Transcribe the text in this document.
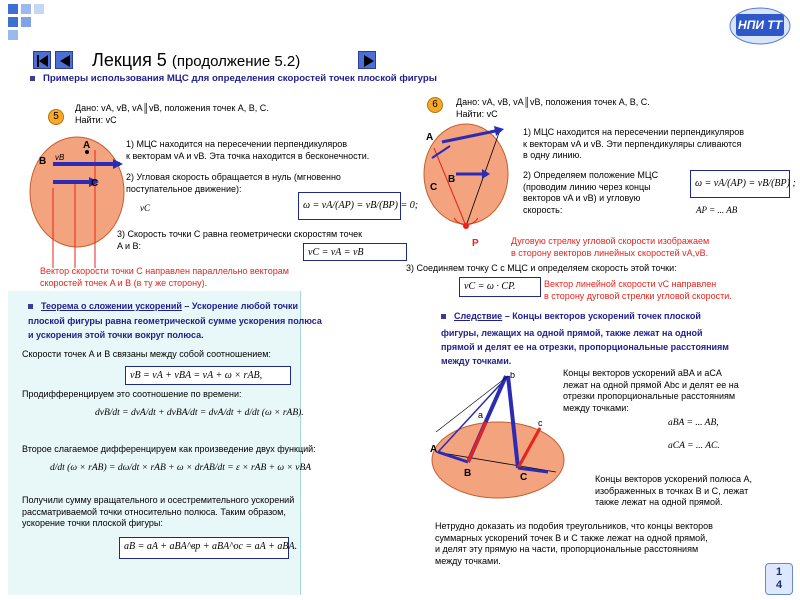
НПИ ТТ
Лекция 5 (продолжение 5.2)
Примеры использования МЦС для определения скоростей точек плоской фигуры
5
Дано: vA, vB, vA║vB, положения точек A, B, C.
Найти: vC
A
B
C
vB
1) МЦС находится на пересечении перпендикуляров
к векторам vA и vB. Эта точка находится в бесконечности.
2) Угловая скорость обращается в нуль (мгновенно
поступательное движение):
ω = vA/(AP) = vB/(BP) = 0;
vC
3) Скорость точки C равна геометрически скоростям точек
A и B:
vC = vA = vB
Вектор скорости точки C направлен параллельно векторам
скоростей точек A и B (в ту же сторону).
6	Дано: vA, vB, vA║vB, положения точек A, B, C.
Найти: vC
A
B
C
P
1) МЦС находится на пересечении перпендикуляров
к векторам vA и vB. Эти перпендикуляры сливаются
в одну линию.
2) Определяем положение МЦС
(проводим линию через концы
векторов vA и vB) и угловую
скорость:
ω = vA/(AP) = vB/(BP) ;
AP = ... AB
Дуговую стрелку угловой скорости изображаем
в сторону векторов линейных скоростей vA,vB.
3) Соединяем точку C с МЦС и определяем скорость этой точки:
vC = ω · CP.	Вектор линейной скорости vC направлен
в сторону дуговой стрелки угловой скорости.
Теорема о сложении ускорений – Ускорение любой точки
плоской фигуры равна геометрической сумме ускорения полюса
и ускорения этой точки вокруг полюса.
Скорости точек A и B связаны между собой соотношением:
vB = vA + vBA = vA + ω × rAB,
Продифференцируем это соотношение по времени:
dvB/dt = dvA/dt + dvBA/dt = dvA/dt + d/dt (ω × rAB).
Второе слагаемое дифференцируем как произведение двух функций:
d/dt (ω × rAB) = dω/dt × rAB + ω × drAB/dt = ε × rAB + ω × vBA
Получили сумму вращательного и осестремительного ускорений
рассматриваемой точки относительно полюса. Таким образом,
ускорение точки плоской фигуры:
aB = aA + aBA^вр + aBA^ос = aA + aBA.
Следствие – Концы векторов ускорений точек плоской
фигуры, лежащих на одной прямой, также лежат на одной
прямой и делят ее на отрезки, пропорциональные расстояниям
между точками.
A
B	C
a
b
c
Концы векторов ускорений aBA и aCA
лежат на одной прямой Abc и делят ее на
отрезки пропорциональные расстояниям
между точками:
aBA = ... AB,
aCA = ... AC.
Концы векторов ускорений полюса A,
изображенных в точках B и C, лежат
также лежат на одной прямой.
Нетрудно доказать из подобия треугольников, что концы векторов
суммарных ускорений точек B и C также лежат на одной прямой,
и делят эту прямую на части, пропорциональные расстояниям
между точками.
1
4
